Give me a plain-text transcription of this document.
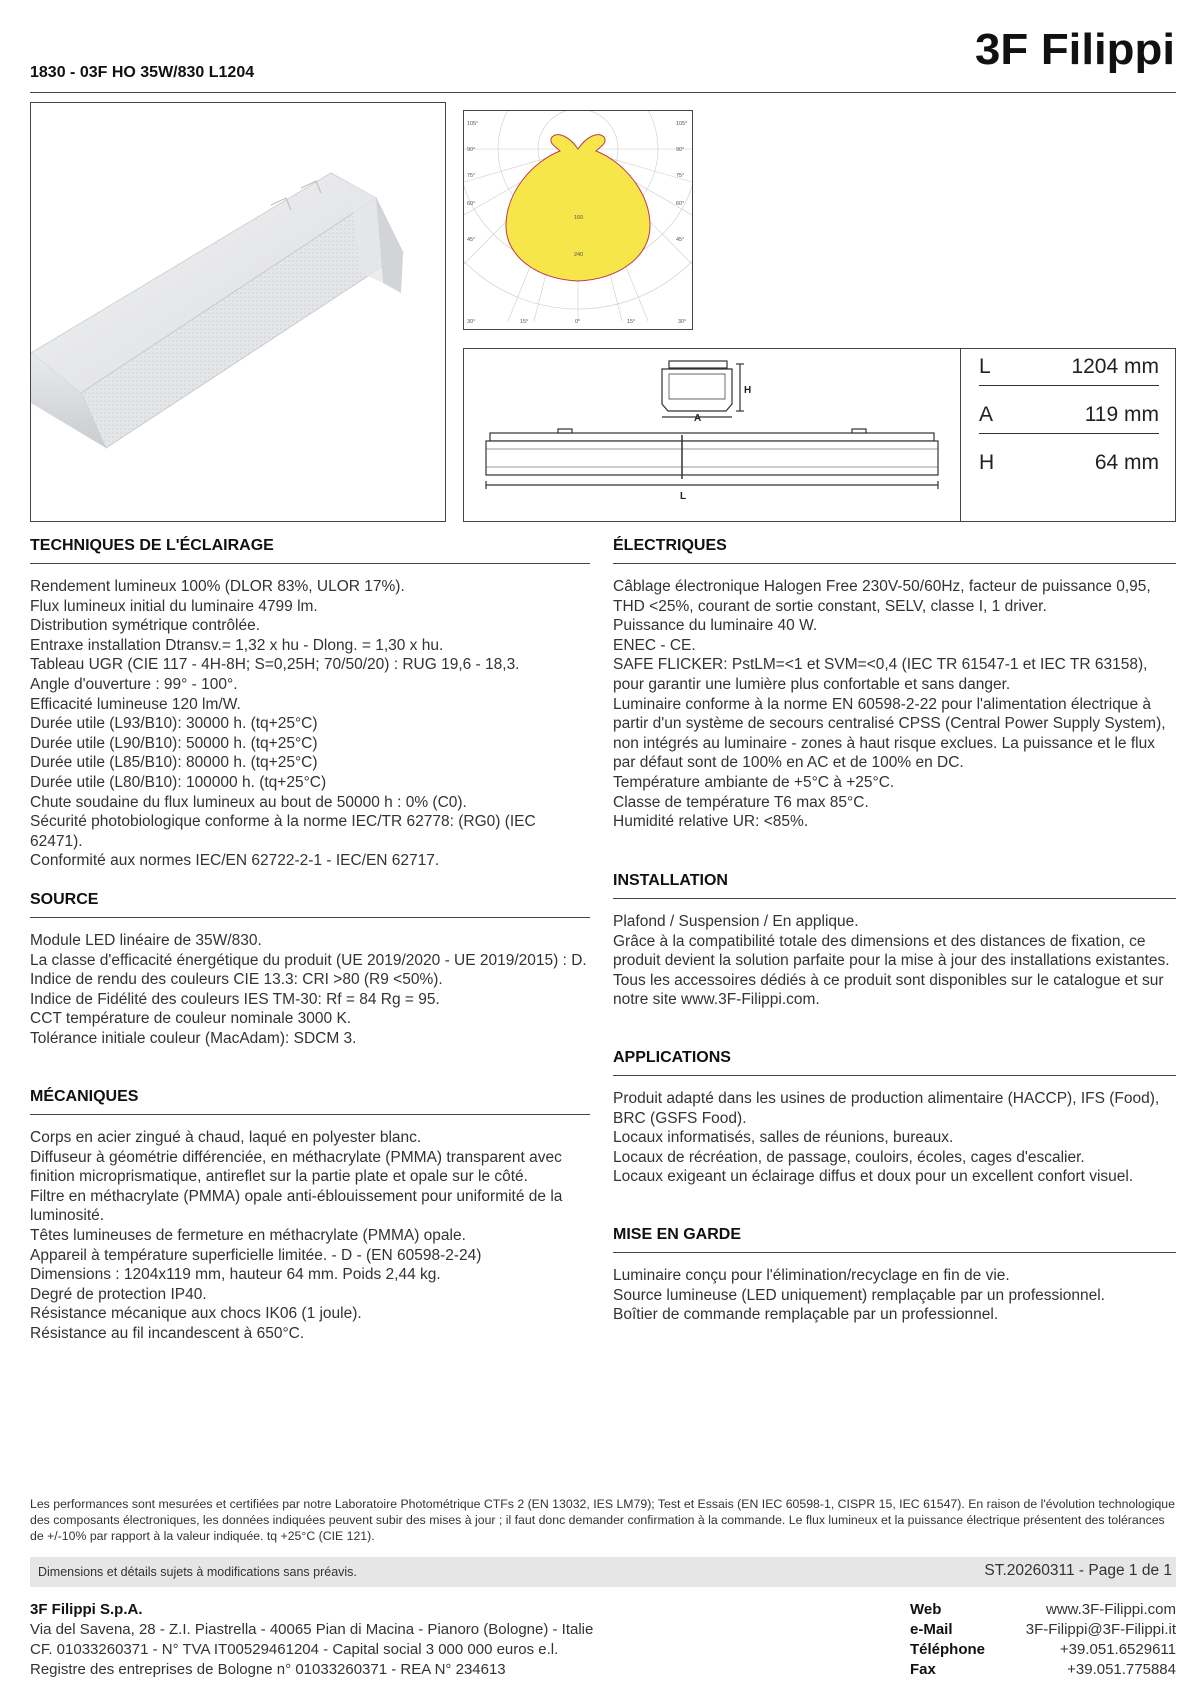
1830 - 03F HO 35W/830 L1204	3F Filippi
105°
90°
75°
60°
45°
105°
90°
75°
60°
45°
30°	15°	0°	15°	30°
160
240
H
A
L
L	1204 mm
A	119 mm
H	64 mm
TECHNIQUES DE L'ÉCLAIRAGE

Rendement lumineux 100% (DLOR 83%, ULOR 17%).

Flux lumineux initial du luminaire 4799 lm.

Distribution symétrique contrôlée.

Entraxe installation Dtransv.= 1,32 x hu - Dlong. = 1,30 x hu.

Tableau UGR (CIE 117 - 4H-8H; S=0,25H; 70/50/20) : RUG 19,6 - 18,3.

Angle d'ouverture : 99° - 100°.

Efficacité lumineuse 120 lm/W.

Durée utile (L93/B10): 30000 h. (tq+25°C)

Durée utile (L90/B10): 50000 h. (tq+25°C)

Durée utile (L85/B10): 80000 h. (tq+25°C)

Durée utile (L80/B10): 100000 h. (tq+25°C)

Chute soudaine du flux lumineux au bout de 50000 h : 0% (C0).

Sécurité photobiologique conforme à la norme IEC/TR 62778: (RG0) (IEC 62471).

Conformité aux normes IEC/EN 62722-2-1 - IEC/EN 62717.

SOURCE

Module LED linéaire de 35W/830.

La classe d'efficacité énergétique du produit (UE 2019/2020 - UE 2019/2015) : D.

Indice de rendu des couleurs CIE 13.3: CRI >80 (R9 <50%).

Indice de Fidélité des couleurs IES TM-30: Rf = 84 Rg = 95.

CCT température de couleur nominale 3000 K.

Tolérance initiale couleur (MacAdam): SDCM 3.

MÉCANIQUES

Corps en acier zingué à chaud, laqué en polyester blanc.

Diffuseur à géométrie différenciée, en méthacrylate (PMMA) transparent avec finition microprismatique, antireflet sur la partie plate et opale sur le côté.

Filtre en méthacrylate (PMMA) opale anti-éblouissement pour uniformité de la luminosité.

Têtes lumineuses de fermeture en méthacrylate (PMMA) opale.

Appareil à température superficielle limitée. - D - (EN 60598-2-24)

Dimensions : 1204x119 mm, hauteur 64 mm. Poids 2,44 kg.

Degré de protection IP40.

Résistance mécanique aux chocs IK06 (1 joule).

Résistance au fil incandescent à 650°C.

ÉLECTRIQUES

Câblage électronique Halogen Free 230V-50/60Hz, facteur de puissance 0,95, THD <25%, courant de sortie constant, SELV, classe I, 1 driver.

Puissance du luminaire 40 W.

ENEC - CE.

SAFE FLICKER: PstLM=<1 et SVM=<0,4 (IEC TR 61547-1 et IEC TR 63158), pour garantir une lumière plus confortable et sans danger.

Luminaire conforme à la norme EN 60598-2-22 pour l'alimentation électrique à partir d'un système de secours centralisé CPSS (Central Power Supply System), non intégrés au luminaire - zones à haut risque exclues. La puissance et le flux par défaut sont de 100% en AC et de 100% en DC.

Température ambiante de +5°C à +25°C.

Classe de température T6 max 85°C.

Humidité relative UR: <85%.

INSTALLATION

Plafond / Suspension / En applique.

Grâce à la compatibilité totale des dimensions et des distances de fixation, ce produit devient la solution parfaite pour la mise à jour des installations existantes.

Tous les accessoires dédiés à ce produit sont disponibles sur le catalogue et sur notre site www.3F-Filippi.com.

APPLICATIONS

Produit adapté dans les usines de production alimentaire (HACCP), IFS (Food), BRC (GSFS Food).

Locaux informatisés, salles de réunions, bureaux.

Locaux de récréation, de passage, couloirs, écoles, cages d'escalier.

Locaux exigeant un éclairage diffus et doux pour un excellent confort visuel.

MISE EN GARDE

Luminaire conçu pour l'élimination/recyclage en fin de vie.

Source lumineuse (LED uniquement) remplaçable par un professionnel.

Boîtier de commande remplaçable par un professionnel.

Les performances sont mesurées et certifiées par notre Laboratoire Photométrique CTFs 2 (EN 13032, IES LM79); Test et Essais (EN IEC 60598-1, CISPR 15, IEC 61547). En raison de l'évolution technologique des composants électroniques, les données indiquées peuvent subir des mises à jour ; il faut donc demander confirmation à la commande. Le flux lumineux et la puissance électrique présentent des tolérances de +/-10% par rapport à la valeur indiquée. tq +25°C (CIE 121).
Dimensions et détails sujets à modifications sans préavis.	ST.20260311 - Page 1 de 1
3F Filippi S.p.A.
Via del Savena, 28 - Z.I. Piastrella - 40065 Pian di Macina - Pianoro (Bologne) - Italie
CF. 01033260371 - N° TVA IT00529461204 - Capital social 3 000 000 euros e.l.
Registre des entreprises de Bologne n° 01033260371 - REA N° 234613
Web	www.3F-Filippi.com
e-Mail	3F-Filippi@3F-Filippi.it
Téléphone	+39.051.6529611
Fax	+39.051.775884
